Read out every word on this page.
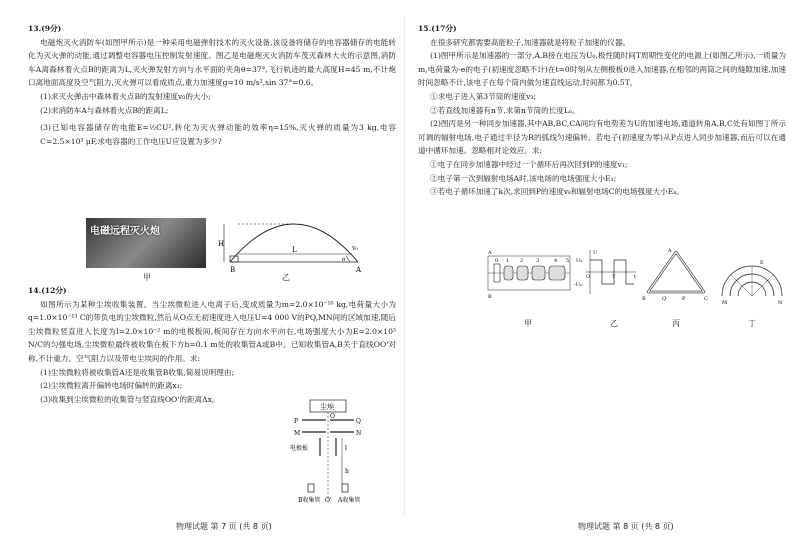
13.(9分)

电磁炮灭火消防车(如图甲所示)是一种采用电磁弹射技术的灭火设备,该设备将储存的电容器储存的电能转化为灭火弹的动能,通过调整电容器电压控制发射速度。图乙是电磁炮灭火消防车茂灭森林大火的示意图,消防车A离森林着火点B的距离为L,灭火弹发射方向与水平面的夹角θ=37°,飞行轨迹的最大高度H=45 m,不计炮口离地面高度及空气阻力,灭火弹可以看成质点,重力加速度g=10 m/s²,sin 37°=0.6。

(1)求灭火弹击中森林着火点B的发射速度v₀的大小;

(2)求消防车A与森林着火点B的距离L;

(3)已知电容器储存的电能E=½CU²,转化为灭火弹动能的效率η=15%,灭火弹的质量为3 kg,电容C=2.5×10³ μF,求电容器的工作电压U应设置为多少?

电磁远程灭火炮
甲
H
L
B	A
v₀
θ
乙
14.(12分)

如图所示为某种尘埃收集装置。当尘埃微粒进入电离子后,变成质量为m=2.0×10⁻¹⁰ kg,电荷量大小为q=1.0×10⁻¹³ C的带负电的尘埃微粒,然后从O点无初速度进入电压U=4 000 V的PQ,MN间的区域加速,随后尘埃微粒竖直进入长度为l=2.0×10⁻² m的电极板间,板间存在方向水平向右,电场强度大小为E=2.0×10⁵ N/C的匀强电场,尘埃微粒最终被收集在板下方h=0.1 m处的收集管A或B中。已知收集管A,B关于直线OO'对称,不计重力、空气阻力以及带电尘埃间的作用。求:

(1)尘埃微粒将被收集管A还是收集管B收集,简易说明理由;

(2)尘埃微粒离开偏转电场时偏转的距离x₁;

(3)收集到尘埃微粒的收集管与竖直线OO'的距离Δx。

尘埃
P	Q
O
M	N
电极板	l
h
B收集管 O' A收集管
物理试题 第 7 页 (共 8 页)
15.(17分)

在很多研究都需要高能粒子,加速器就是将粒子加速的仪器。

(1)图甲所示是加速器的一部分,A,B接在电压为U₀,极性随时间T周期性变化的电源上(如图乙所示),一质量为m,电荷量为-e的电子(初速度忽略不计)在t=0时刻从左侧极板0进入加速器,在相邻的两筒之间的缝隙加速,加速时间忽略不计,该电子在每个筒内做匀速直线运动,时间都为0.5T。

①求电子进入第3节筒的速度v₃;

②若直线加速器有n节,求第n节筒的长度Lₙ。

(2)图丙是另一种同步加速器,其中AB,BC,CA间均有电势差为U的加速电场,通道转角A,B,C处有如图丁所示可调的辐射电场,电子通过半径为R的弧线匀速偏转。若电子(初速度为零)从P点进入同步加速器,而后可以在通道中循环加速。忽略相对论效应。求:

①电子在同步加速器中经过一个循环后再次回到P的速度v₁;

②电子第一次到辐射电场A时,该电场的电场强度大小E₁;

③若电子循环加速了k次,求回到P的速度vₖ和辐射电场C的电场强度大小Eₖ。

0 1 2	3	4 5
A
B
U
U₀
-U₀
O	T	t
A
B	C
Q	P
E
M	N
甲	乙	丙	丁
物理试题 第 8 页 (共 8 页)
